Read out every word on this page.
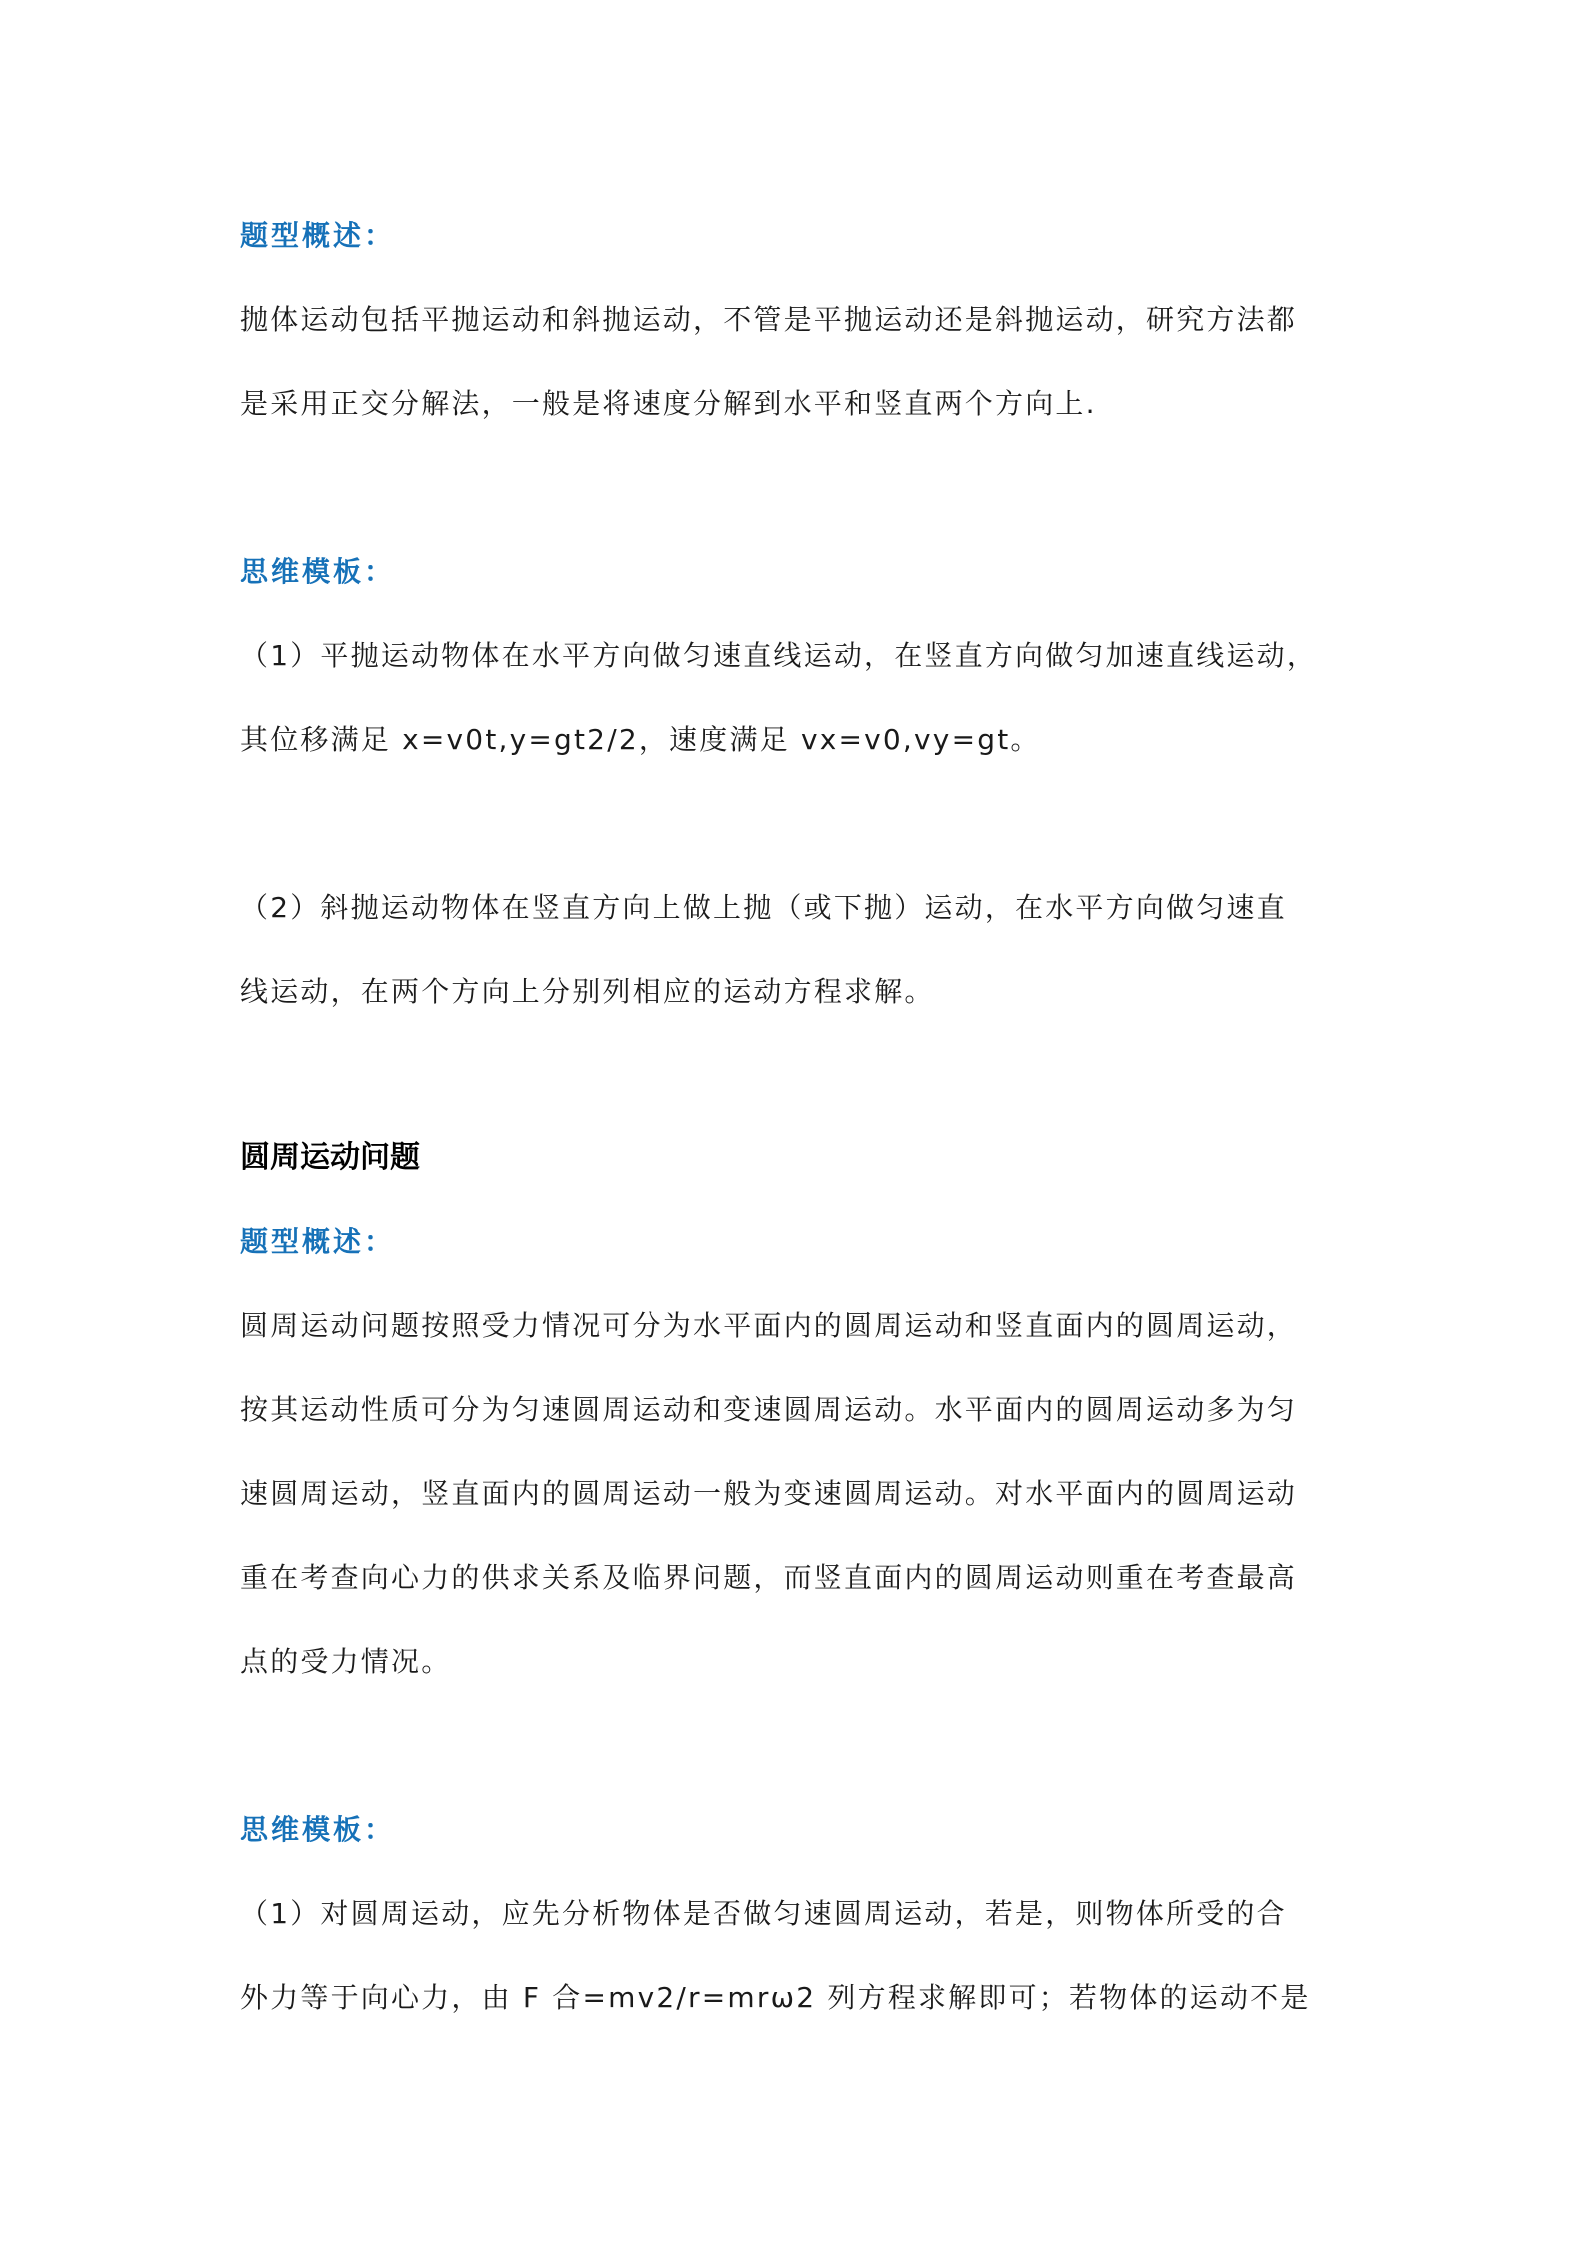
题型概述：
抛体运动包括平抛运动和斜抛运动，不管是平抛运动还是斜抛运动，研究方法都
是采用正交分解法，一般是将速度分解到水平和竖直两个方向上.
思维模板：
（1）平抛运动物体在水平方向做匀速直线运动，在竖直方向做匀加速直线运动，
其位移满足 x=v0t,y=gt2/2，速度满足 vx=v0,vy=gt。
（2）斜抛运动物体在竖直方向上做上抛（或下抛）运动，在水平方向做匀速直
线运动，在两个方向上分别列相应的运动方程求解。
圆周运动问题
题型概述：
圆周运动问题按照受力情况可分为水平面内的圆周运动和竖直面内的圆周运动，
按其运动性质可分为匀速圆周运动和变速圆周运动。水平面内的圆周运动多为匀
速圆周运动，竖直面内的圆周运动一般为变速圆周运动。对水平面内的圆周运动
重在考查向心力的供求关系及临界问题，而竖直面内的圆周运动则重在考查最高
点的受力情况。
思维模板：
（1）对圆周运动，应先分析物体是否做匀速圆周运动，若是，则物体所受的合
外力等于向心力，由 F 合=mv2/r=mrω2 列方程求解即可；若物体的运动不是
